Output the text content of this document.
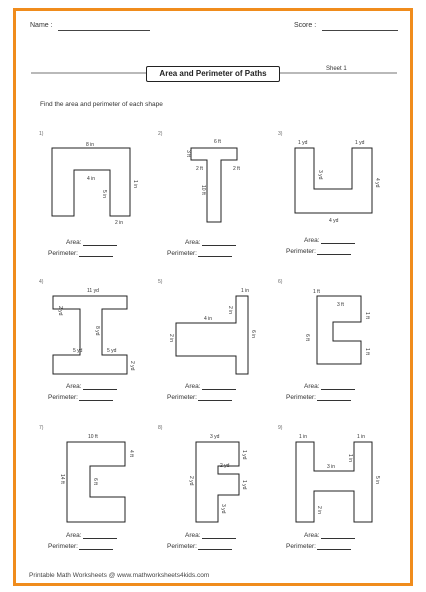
Name :	Score :
Area and Perimeter of Paths	Sheet 1
Find the area and perimeter of each shape
1)	2)	3)
4)	5)	6)
7)	8)	9)
8 in
4 in
1 in
5 in
2 in
6 ft
3 ft
2 ft	2 ft
10 ft
1 yd	1 yd
3 yd
4 yd
4 yd
11 yd
2 yd
8 yd
5 yd	5 yd
2 yd
1 in
4 in
2 in
2 in	6 in
1 ft
3 ft
1 ft
6 ft
1 ft
10 ft
4 ft
6 ft
14 ft
3 yd
1 yd
2 yd
1 yd
2 yd
3 yd
1 in	1 in
3 in
1 in
5 in
2 in
Area:
Perimeter:
Area:
Perimeter:
Area:
Perimeter:
Area:
Perimeter:
Area:
Perimeter:
Area:
Perimeter:
Area:
Perimeter:
Area:
Perimeter:
Area:
Perimeter:
Printable Math Worksheets @ www.mathworksheets4kids.com
